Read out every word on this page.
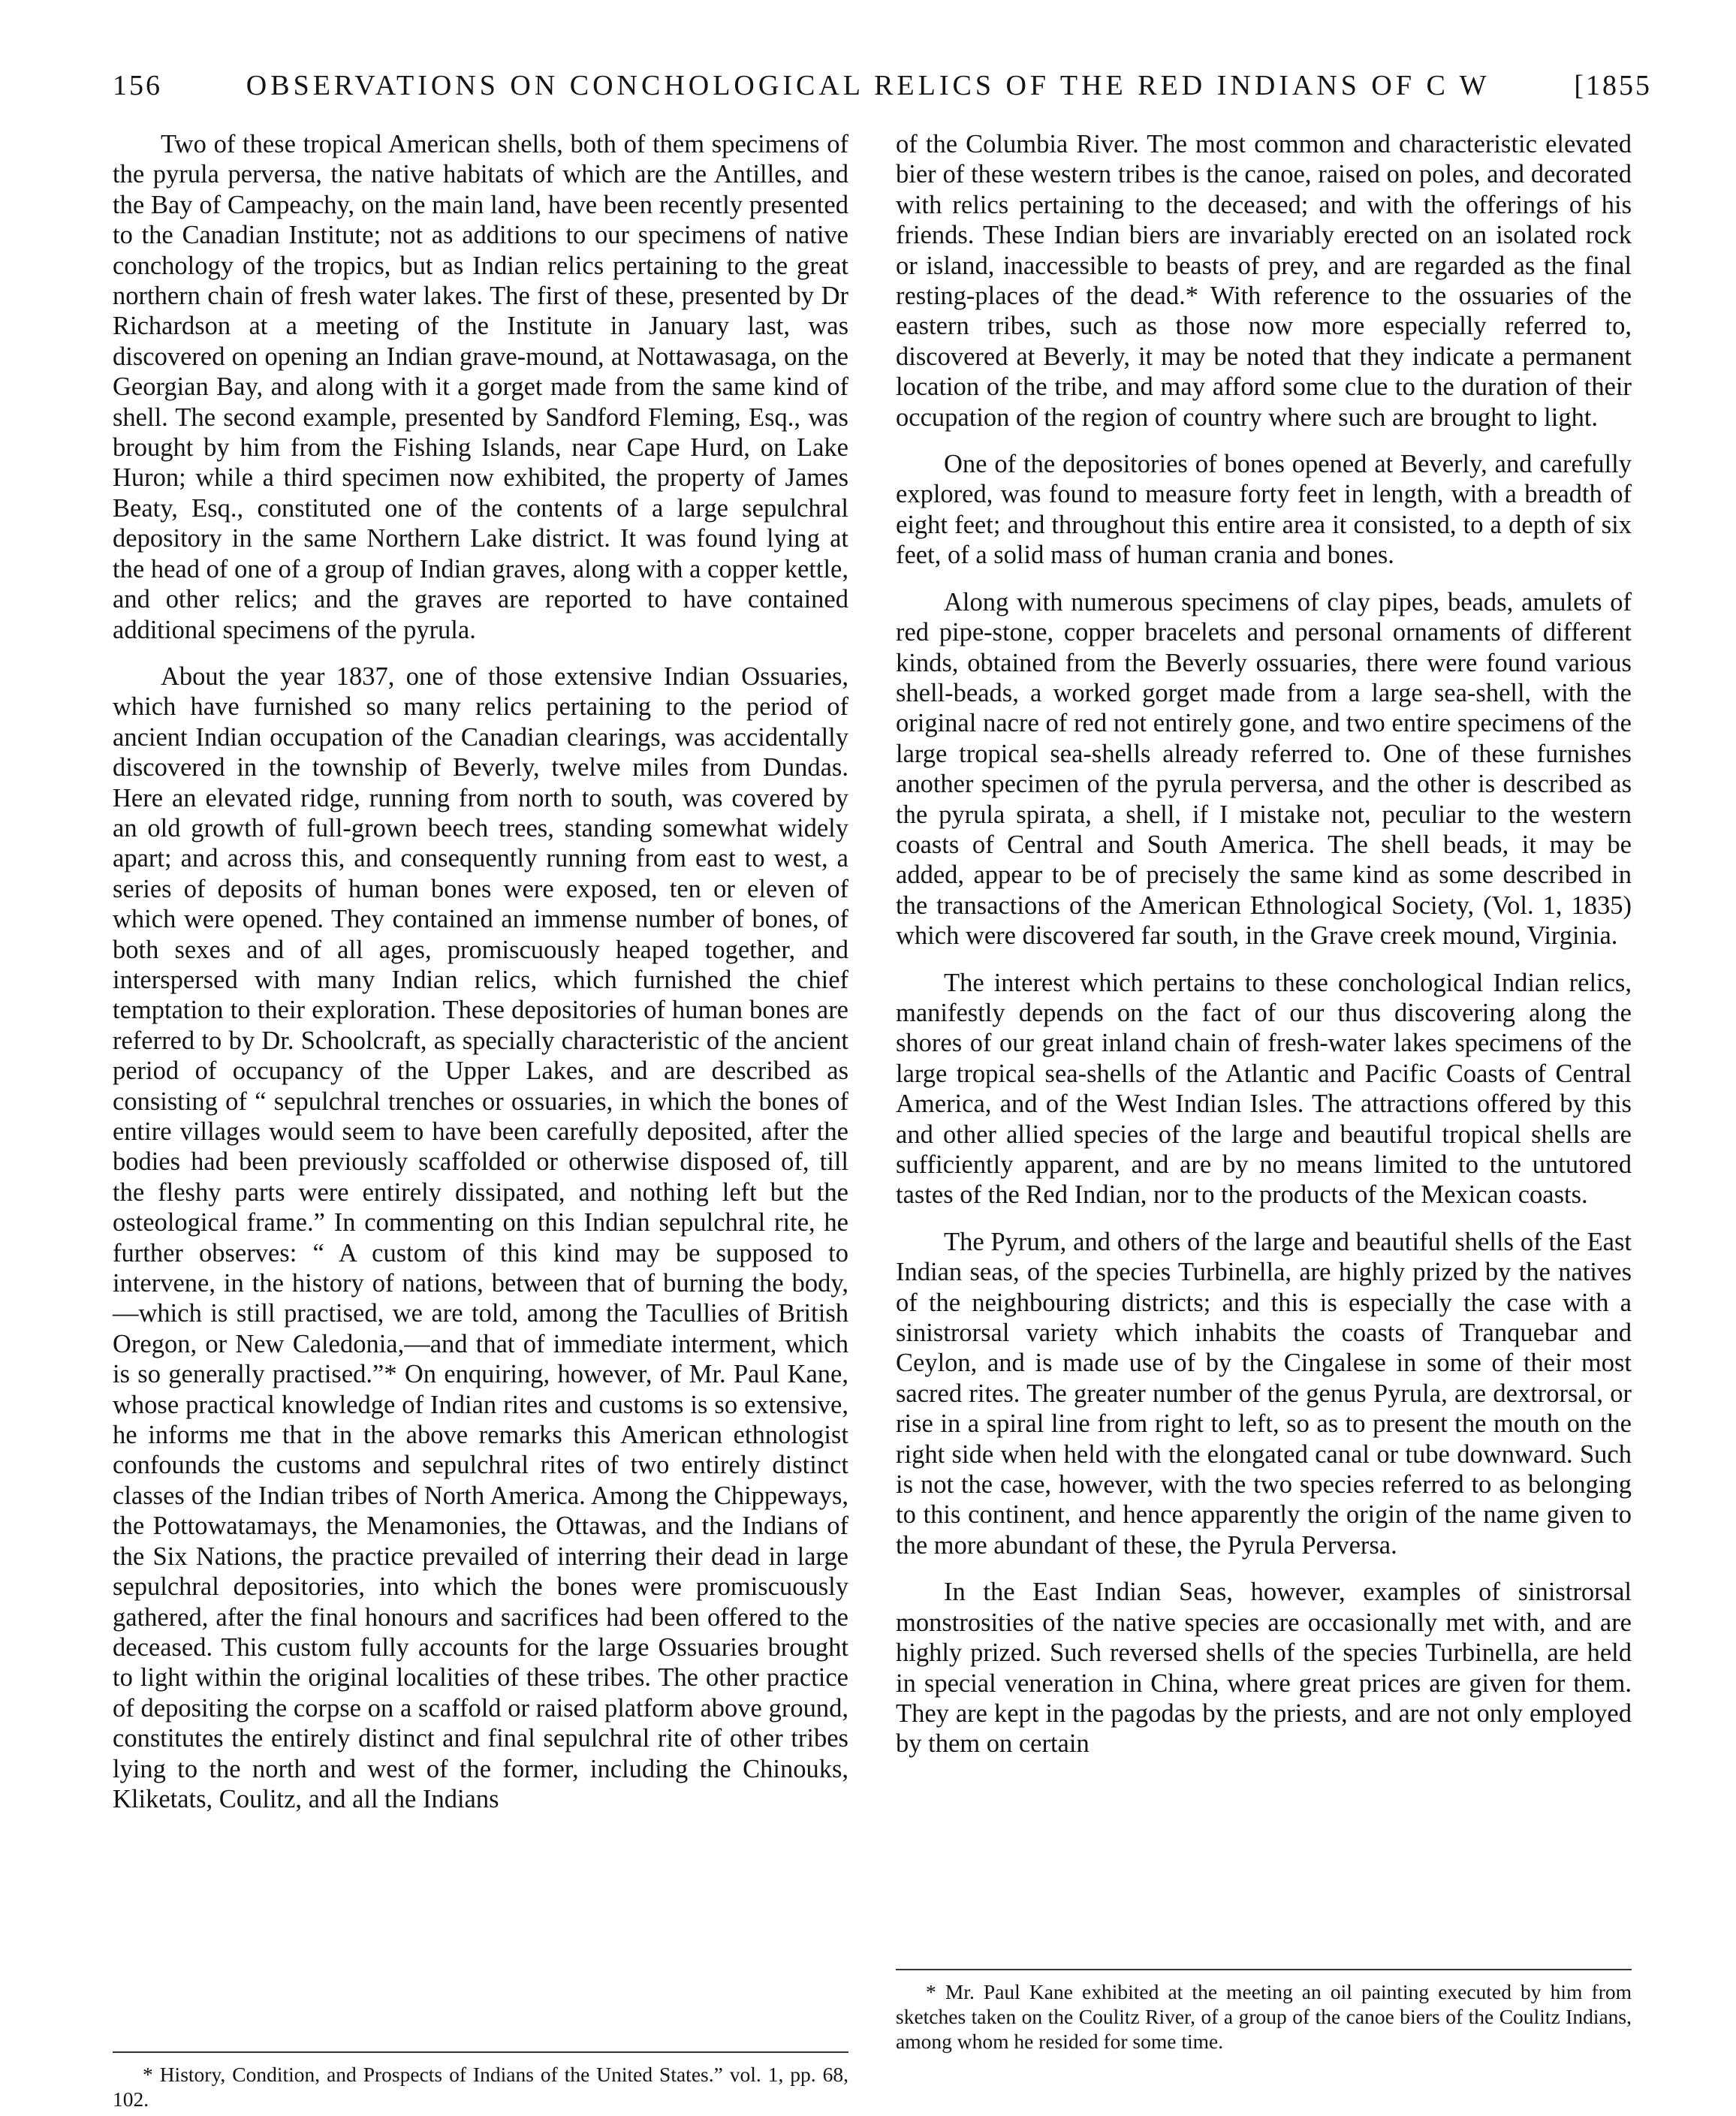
156	OBSERVATIONS ON CONCHOLOGICAL RELICS OF THE RED INDIANS OF C W	[1855

Two of these tropical American shells, both of them specimens of the pyrula perversa, the native habitats of which are the Antilles, and the Bay of Campeachy, on the main land, have been recently presented to the Canadian Institute; not as additions to our specimens of native conchology of the tropics, but as Indian relics pertaining to the great northern chain of fresh water lakes. The first of these, presented by Dr Richardson at a meeting of the Institute in January last, was discovered on opening an Indian grave-mound, at Nottawasaga, on the Georgian Bay, and along with it a gorget made from the same kind of shell. The second example, presented by Sandford Fleming, Esq., was brought by him from the Fishing Islands, near Cape Hurd, on Lake Huron; while a third specimen now exhibited, the property of James Beaty, Esq., constituted one of the contents of a large sepulchral depository in the same Northern Lake district. It was found lying at the head of one of a group of Indian graves, along with a copper kettle, and other relics; and the graves are reported to have contained additional specimens of the pyrula.

About the year 1837, one of those extensive Indian Ossuaries, which have furnished so many relics pertaining to the period of ancient Indian occupation of the Canadian clearings, was accidentally discovered in the township of Beverly, twelve miles from Dundas. Here an elevated ridge, running from north to south, was covered by an old growth of full-grown beech trees, standing somewhat widely apart; and across this, and consequently running from east to west, a series of deposits of human bones were exposed, ten or eleven of which were opened. They contained an immense number of bones, of both sexes and of all ages, promiscuously heaped together, and interspersed with many Indian relics, which furnished the chief temptation to their exploration. These depositories of human bones are referred to by Dr. Schoolcraft, as specially characteristic of the ancient period of occupancy of the Upper Lakes, and are described as consisting of “ sepulchral trenches or ossuaries, in which the bones of entire villages would seem to have been carefully deposited, after the bodies had been previously scaffolded or otherwise disposed of, till the fleshy parts were entirely dissipated, and nothing left but the osteological frame.” In commenting on this Indian sepulchral rite, he further observes: “ A custom of this kind may be supposed to intervene, in the history of nations, between that of burning the body,—which is still practised, we are told, among the Tacullies of British Oregon, or New Caledonia,—and that of immediate interment, which is so generally practised.”* On enquiring, however, of Mr. Paul Kane, whose practical knowledge of Indian rites and customs is so extensive, he informs me that in the above remarks this American ethnologist confounds the customs and sepulchral rites of two entirely distinct classes of the Indian tribes of North America. Among the Chippeways, the Pottowatamays, the Menamonies, the Ottawas, and the Indians of the Six Nations, the practice prevailed of interring their dead in large sepulchral depositories, into which the bones were promiscuously gathered, after the final honours and sacrifices had been offered to the deceased. This custom fully accounts for the large Ossuaries brought to light within the original localities of these tribes. The other practice of depositing the corpse on a scaffold or raised platform above ground, constitutes the entirely distinct and final sepulchral rite of other tribes lying to the north and west of the former, including the Chinouks, Kliketats, Coulitz, and all the Indians

* History, Condition, and Prospects of Indians of the United States.” vol. 1, pp. 68, 102.

of the Columbia River. The most common and characteristic elevated bier of these western tribes is the canoe, raised on poles, and decorated with relics pertaining to the deceased; and with the offerings of his friends. These Indian biers are invariably erected on an isolated rock or island, inaccessible to beasts of prey, and are regarded as the final resting-places of the dead.* With reference to the ossuaries of the eastern tribes, such as those now more especially referred to, discovered at Beverly, it may be noted that they indicate a permanent location of the tribe, and may afford some clue to the duration of their occupation of the region of country where such are brought to light.

One of the depositories of bones opened at Beverly, and carefully explored, was found to measure forty feet in length, with a breadth of eight feet; and throughout this entire area it consisted, to a depth of six feet, of a solid mass of human crania and bones.

Along with numerous specimens of clay pipes, beads, amulets of red pipe-stone, copper bracelets and personal ornaments of different kinds, obtained from the Beverly ossuaries, there were found various shell-beads, a worked gorget made from a large sea-shell, with the original nacre of red not entirely gone, and two entire specimens of the large tropical sea-shells already referred to. One of these furnishes another specimen of the pyrula perversa, and the other is described as the pyrula spirata, a shell, if I mistake not, peculiar to the western coasts of Central and South America. The shell beads, it may be added, appear to be of precisely the same kind as some described in the transactions of the American Ethnological Society, (Vol. 1, 1835) which were discovered far south, in the Grave creek mound, Virginia.

The interest which pertains to these conchological Indian relics, manifestly depends on the fact of our thus discovering along the shores of our great inland chain of fresh-water lakes specimens of the large tropical sea-shells of the Atlantic and Pacific Coasts of Central America, and of the West Indian Isles. The attractions offered by this and other allied species of the large and beautiful tropical shells are sufficiently apparent, and are by no means limited to the untutored tastes of the Red Indian, nor to the products of the Mexican coasts.

The Pyrum, and others of the large and beautiful shells of the East Indian seas, of the species Turbinella, are highly prized by the natives of the neighbouring districts; and this is especially the case with a sinistrorsal variety which inhabits the coasts of Tranquebar and Ceylon, and is made use of by the Cingalese in some of their most sacred rites. The greater number of the genus Pyrula, are dextrorsal, or rise in a spiral line from right to left, so as to present the mouth on the right side when held with the elongated canal or tube downward. Such is not the case, however, with the two species referred to as belonging to this continent, and hence apparently the origin of the name given to the more abundant of these, the Pyrula Perversa.

In the East Indian Seas, however, examples of sinistrorsal monstrosities of the native species are occasionally met with, and are highly prized. Such reversed shells of the species Turbinella, are held in special veneration in China, where great prices are given for them. They are kept in the pagodas by the priests, and are not only employed by them on certain

* Mr. Paul Kane exhibited at the meeting an oil painting executed by him from sketches taken on the Coulitz River, of a group of the canoe biers of the Coulitz Indians, among whom he resided for some time.
